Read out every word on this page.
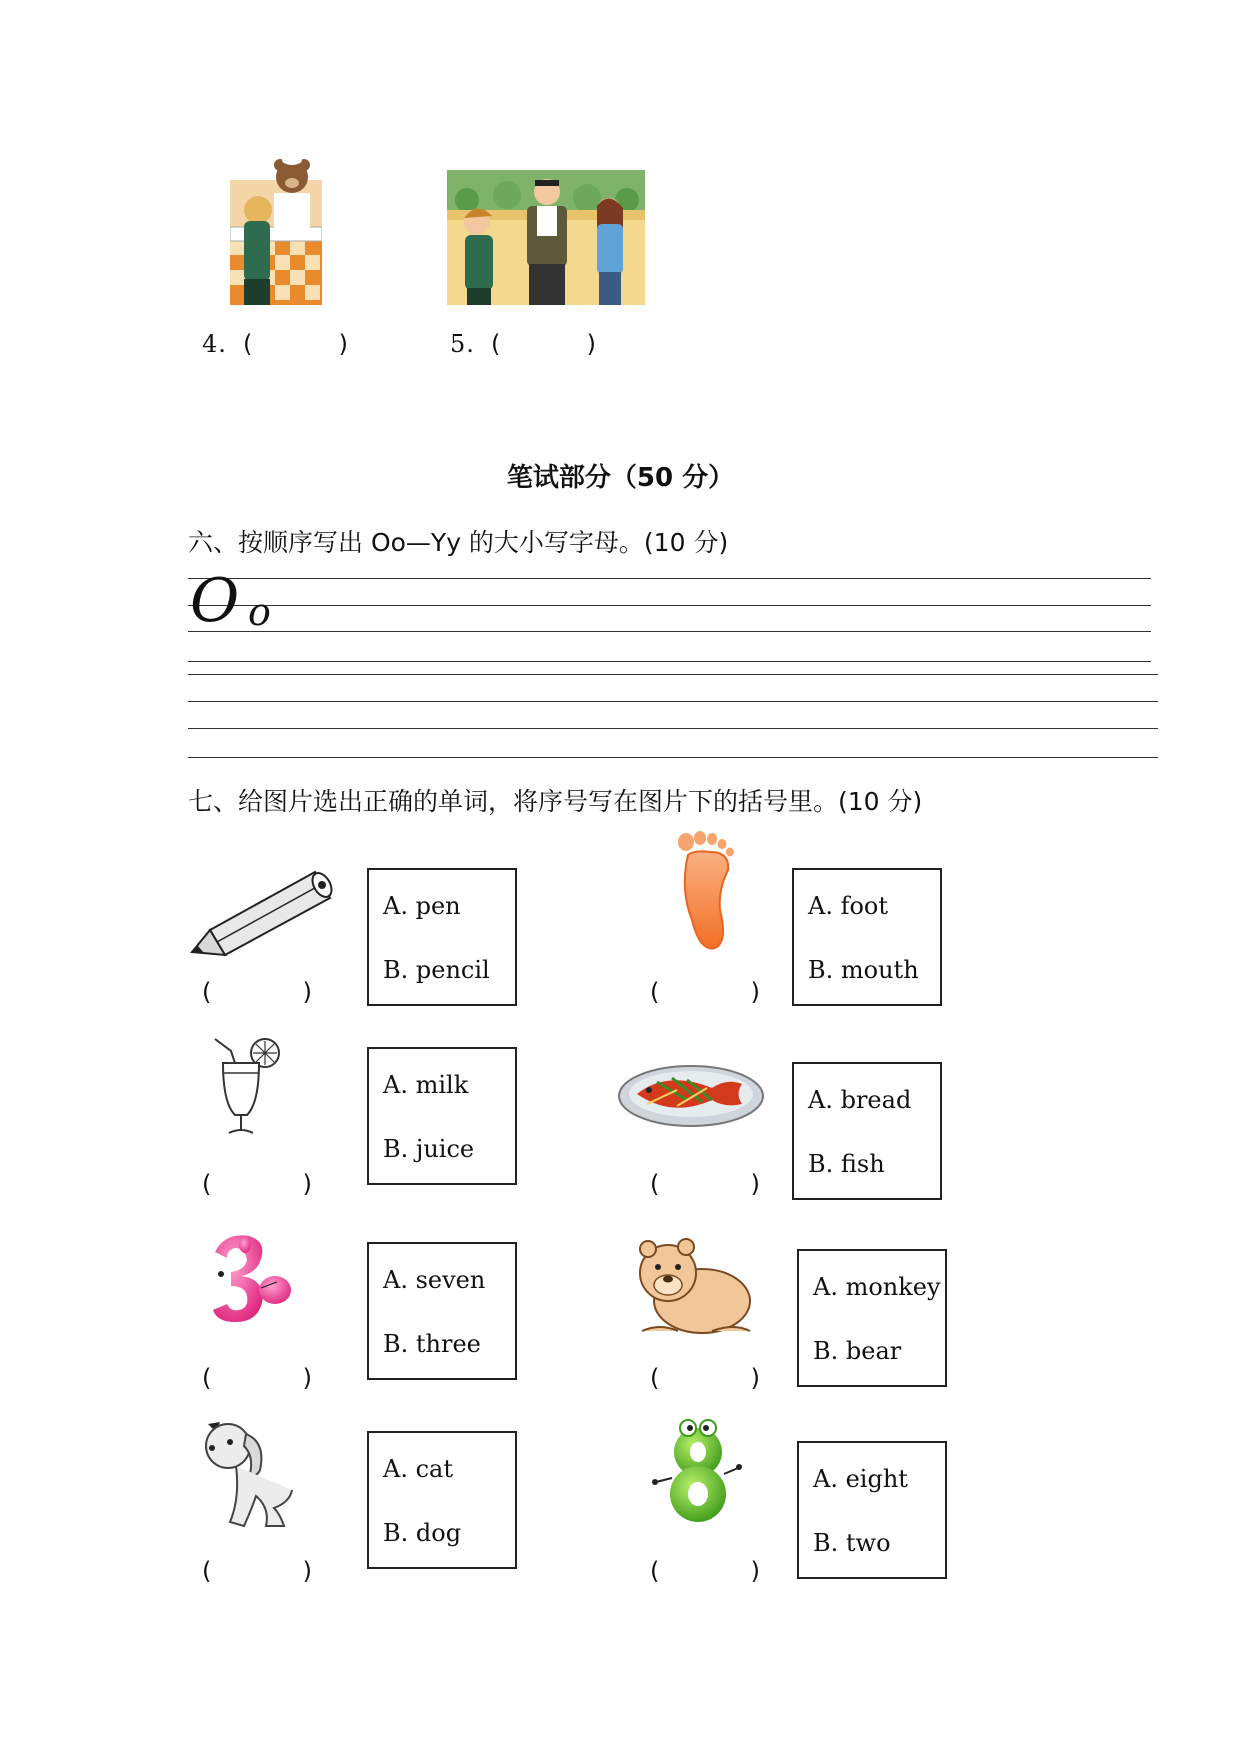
4. (	)	5. (	)
笔试部分（50 分）
六、按顺序写出 Oo—Yy 的大小写字母。(10 分)
O o
七、给图片选出正确的单词，将序号写在图片下的括号里。(10 分)
(	)
A. pen
B. pencil
(	)
A. foot
B. mouth
(	)
A. milk
B. juice
(	)
A. bread
B. fish
(	)
A. seven
B. three
(	)
A. monkey
B. bear
(	)
A. cat
B. dog
(	)
A. eight
B. two
